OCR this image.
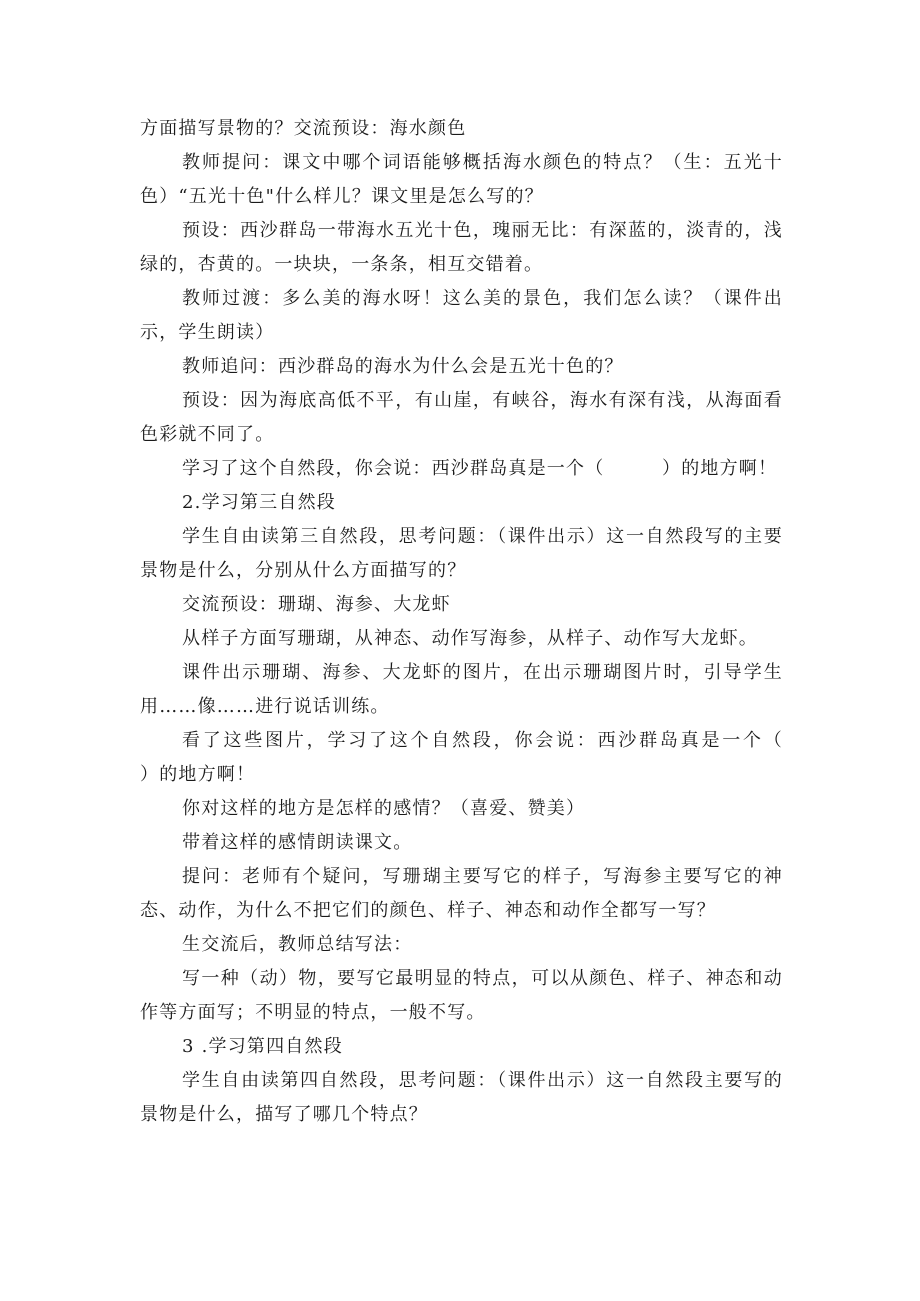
方面描写景物的？交流预设：海水颜色

教师提问：课文中哪个词语能够概括海水颜色的特点？（生：五光十色）“五光十色"什么样儿？课文里是怎么写的？

预设：西沙群岛一带海水五光十色，瑰丽无比：有深蓝的，淡青的，浅绿的，杏黄的。一块块，一条条，相互交错着。

教师过渡：多么美的海水呀！这么美的景色，我们怎么读？（课件出示，学生朗读）

教师追问：西沙群岛的海水为什么会是五光十色的？

预设：因为海底高低不平，有山崖，有峡谷，海水有深有浅，从海面看色彩就不同了。

学习了这个自然段，你会说：西沙群岛真是一个（　　　）的地方啊！

2.学习第三自然段

学生自由读第三自然段，思考问题：（课件出示）这一自然段写的主要景物是什么，分别从什么方面描写的？

交流预设：珊瑚、海参、大龙虾

从样子方面写珊瑚，从神态、动作写海参，从样子、动作写大龙虾。

课件出示珊瑚、海参、大龙虾的图片，在出示珊瑚图片时，引导学生用……像……进行说话训练。

看了这些图片，学习了这个自然段，你会说：西沙群岛真是一个（　　）的地方啊！

你对这样的地方是怎样的感情？（喜爱、赞美）

带着这样的感情朗读课文。

提问：老师有个疑问，写珊瑚主要写它的样子，写海参主要写它的神态、动作，为什么不把它们的颜色、样子、神态和动作全都写一写？

生交流后，教师总结写法：

写一种（动）物，要写它最明显的特点，可以从颜色、样子、神态和动作等方面写；不明显的特点，一般不写。

3 .学习第四自然段

学生自由读第四自然段，思考问题：（课件出示）这一自然段主要写的景物是什么，描写了哪几个特点？
